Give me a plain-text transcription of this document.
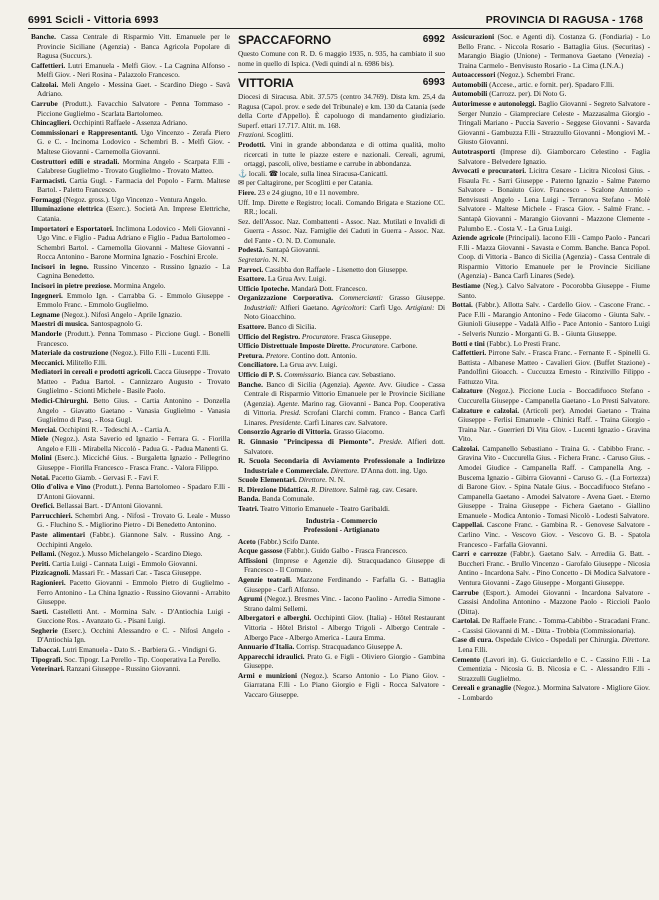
6991 Scicli - Vittoria 6993	PROVINCIA DI RAGUSA - 1768

Banche. Cassa Centrale di Risparmio Vitt. Emanuele per le Provincie Siciliane (Agenzia) - Banca Agricola Popolare di Ragusa (Succurs.).

Caffettieri. Lutri Emanuela - Melfi Giov. - La Cagnina Alfonso - Melfi Giov. - Neri Rosina - Palazzolo Francesco.

Calzolai. Meli Angelo - Messina Gaet. - Scardino Diego - Savà Adriano.

Carrube (Produtt.). Favacchio Salvatore - Penna Tommaso - Piccione Guglielmo - Scarlata Bartolomeo.

Chincaglieri. Occhipinti Raffaele - Assenza Adriano.

Commissionari e Rappresentanti. Ugo Vincenzo - Zerafa Piero G. e C. - Incinoma Lodovico - Schembri B. - Melfi Giov. - Maltese Giovanni - Carnemolla Giovanni.

Costruttori edili e stradali. Mormina Angelo - Scarpata F.lli - Calabrese Guglielmo - Trovato Guglielmo - Trovato Matteo.

Farmacisti. Cartia Gugl. - Farmacia del Popolo - Farm. Maltese Bartol. - Paletto Francesco.

Formaggi (Negoz. gross.). Ugo Vincenzo - Ventura Angelo.

Illuminazione elettrica (Eserc.). Società An. Imprese Elettriche, Catania.

Importatori e Esportatori. Inclimona Lodovico - Meli Giovanni - Ugo Vinc. e Figlio - Padua Adriano e Figlio - Padua Bartolomeo - Schembri Bartol. - Carnemolla Giovanni - Maltese Giovanni - Rocca Antonino - Barone Mormina Ignazio - Foschini Ercole.

Incisori in legno. Russino Vincenzo - Russino Ignazio - La Cagnina Benedetto.

Incisori in pietre preziose. Mormina Angelo.

Ingegneri. Emmolo Ign. - Carrabba G. - Emmolo Giuseppe - Emmolo Franc. - Emmolo Guglielmo.

Legname (Negoz.). Nifosì Angelo - Aprile Ignazio.

Maestri di musica. Santospagnolo G.

Mandorle (Produtt.). Penna Tommaso - Piccione Gugl. - Bonelli Francesco.

Materiale da costruzione (Negoz.). Fillo F.lli - Lucenti F.lli.

Meccanici. Militello F.lli.

Mediatori in cereali e prodotti agricoli. Cacca Giuseppe - Trovato Matteo - Padua Bartol. - Cannizzaro Augusto - Trovato Guglielmo - Scionti Michele - Basile Paolo.

Medici-Chirurghi. Betto Gius. - Cartia Antonino - Donzella Angelo - Giavatto Gaetano - Vanasia Guglielmo - Vanasia Guglielmo di Pasq. - Rosa Gugl.

Merciai. Occhipinti R. - Tedeschi A. - Cartia A.

Miele (Negoz.). Asta Saverio ed Ignazio - Ferrara G. - Fiorilla Angelo e F.lli - Mirabella Niccolò - Padua G. - Padua Manenti G.

Molini (Eserc.). Micciché Gius. - Burgaletta Ignazio - Pellegrino Giuseppe - Fiorilla Francesco - Frasca Franc. - Valora Filippo.

Notai. Pacetto Giamb. - Gervasi F. - Favi F.

Olio d'oliva e Vino (Produtt.). Penna Bartolomeo - Spadaro F.lli - D'Antoni Giovanni.

Orefici. Bellassai Bart. - D'Antoni Giovanni.

Parrucchieri. Schembri Ang. - Nifosì - Trovato G. Leale - Musso G. - Fluchino S. - Migliorino Pietro - Di Benedetto Antonino.

Paste alimentari (Fabbr.). Giannone Salv. - Russino Ang. - Occhipinti Angelo.

Pellami. (Negoz.). Musso Michelangelo - Scardino Diego.

Periti. Cartia Luigi - Cannata Luigi - Emmolo Giovanni.

Pizzicagnoli. Massari Fr. - Massari Car. - Tasca Giuseppe.

Ragionieri. Pacetto Giovanni - Emmolo Pietro di Guglielmo - Ferro Antonino - La China Ignazio - Russino Giovanni - Arrabito Giuseppe.

Sarti. Castelletti Ant. - Mormina Salv. - D'Antiochia Luigi - Guccione Ros. - Avanzato G. - Pisani Luigi.

Segherie (Eserc.). Occhini Alessandro e C. - Nifosì Angelo - D'Antiochia Ign.

Tabaccai. Lutri Emanuela - Dato S. - Barbiera G. - Vindigni G.

Tipografi. Soc. Tipogr. La Perello - Tip. Cooperativa La Perello.

Veterinari. Ranzani Giuseppe - Russino Giovanni.

SPACCAFORNO	6992

Questo Comune con R. D. 6 maggio 1935, n. 935, ha cambiato il suo nome in quello di Ispica. (Vedi quindi al n. 6986 bis).

VITTORIA	6993

Diocesi di Siracusa. Abit. 37.575 (centro 34.769). Dista km. 25,4 da Ragusa (Capol. prov. e sede del Tribunale) e km. 130 da Catania (sede della Corte d'Appello). È capoluogo di mandamento giudiziario. Superf. ettari 17.717. Altit. m. 168.

Frazioni. Scoglitti.

Prodotti. Vini in grande abbondanza e di ottima qualità, molto ricercati in tutte le piazze estere e nazionali. Cereali, agrumi, ortaggi, pascoli, olive, bestiame e carrube in abbondanza.

⚓ locali. ☎ locale, sulla linea Siracusa-Canicattì.

✉ per Caltagirone, per Scoglitti e per Catania.

Fiere. 23 e 24 giugno, 10 e 11 novembre.

Uff. Imp. Dirette e Registro; locali. Comando Brigata e Stazione CC. RR.; locali.

Sez. dell'Assoc. Naz. Combattenti - Assoc. Naz. Mutilati e Invalidi di Guerra - Assoc. Naz. Famiglie dei Caduti in Guerra - Assoc. Naz. del Fante - O. N. D. Comunale.

Podestà. Santapà Giovanni.

Segretario. N. N.

Parroci. Cassibba don Raffaele - Lisenetto don Giuseppe.

Esattore. La Grua Avv. Luigi.

Ufficio Ipoteche. Mandarà Dott. Francesco.

Organizzazione Corporativa. Commercianti: Grasso Giuseppe. Industriali: Alfieri Gaetano. Agricoltori: Carfì Ugo. Artigiani: Di Noto Gioacchino.

Esattore. Banco di Sicilia.

Ufficio del Registro. Procuratore. Frasca Giuseppe.

Ufficio Distrettuale Imposte Dirette. Procuratore. Carbone.

Pretura. Pretore. Contino dott. Antonio.

Conciliatore. La Grua avv. Luigi.

Ufficio di P. S. Commissario. Bianca cav. Sebastiano.

Banche. Banco di Sicilia (Agenzia). Agente. Avv. Giudice - Cassa Centrale di Risparmio Vittorio Emanuele per le Provincie Siciliane (Agenzia). Agente. Marino rag. Giovanni - Banca Pop. Cooperativa di Vittoria. Presid. Scrofani Clarchi comm. Franco - Banca Carfì Linares. Presidente. Carfì Linares cav. Salvatore.

Consorzio Agrario di Vittoria. Grasso Giacomo.

R. Ginnasio "Principessa di Piemonte". Preside. Alfieri dott. Salvatore.

R. Scuola Secondaria di Avviamento Professionale a Indirizzo Industriale e Commerciale. Direttore. D'Anna dott. ing. Ugo.

Scuole Elementari. Direttore. N. N.

R. Direzione Didattica. R. Direttore. Salmè rag. cav. Cesare.

Banda. Banda Comunale.

Teatri. Teatro Vittorio Emanuele - Teatro Garibaldi.

Industria - Commercio
Professioni - Artigianato

Aceto (Fabbr.) Scifo Dante.

Acque gassose (Fabbr.). Guido Galbo - Frasca Francesco.

Affissioni (Imprese e Agenzie di). Stracquadanco Giuseppe di Francesco - Il Comune.

Agenzie teatrali. Mazzone Ferdinando - Farfalla G. - Battaglia Giuseppe - Carfì Alfonso.

Agrumi (Negoz.). Bresmes Vinc. - Iacono Paolino - Arredia Simone - Strano dalmi Sellemi.

Albergatori e alberghi. Occhipinti Giov. (Italia) - Hôtel Restaurant Vittoria - Hôtel Bristol - Albergo Trigoli - Albergo Centrale - Albergo Pace - Albergo America - Laura Emma.

Annuario d'Italia. Corrisp. Stracquadanco Giuseppe A.

Apparecchi idraulici. Prato G. e Figli - Oliviero Giorgio - Gambina Giuseppe.

Armi e munizioni (Negoz.). Scarso Antonio - Lo Piano Giov. - Giarratana F.lli - Lo Piano Giorgio e Figli - Rocca Salvatore - Vaccaro Giuseppe.

Assicurazioni (Soc. e Agenti di). Costanza G. (Fondiaria) - Lo Bello Franc. - Niccola Rosario - Battaglia Gius. (Securitas) - Marangio Biagio (Unione) - Termanova Gaetano (Venezia) - Traina Carmelo - Benvisusto Rosario - La Cima (I.N.A.)

Autoaccessori (Negoz.). Schembri Franc.

Automobili (Accese., artic. e fornit. per). Spadaro F.lli.

Automobili (Carrozz. per). Di Noto G.

Autorimesse e autonoleggi. Baglio Giovanni - Segreto Salvatore - Serger Nunzio - Giampreciare Celeste - Mazzasalma Giorgio - Tringali Mariano - Puccia Saverio - Seggese Giovanni - Savarda Giovanni - Gambuzza F.lli - Strazzullo Giovanni - Mongiovì M. - Giusto Giovanni.

Autotrasporti (Imprese di). Giamborcaro Celestino - Faglia Salvatore - Belvedere Ignazio.

Avvocati e procuratori. Licitra Cesare - Licitra Nicolosi Gius. - Fisaula Fr. - Sarri Giuseppe - Paterno Ignazio - Salme Paterno Salvatore - Bonaiuto Giov. Francesco - Scalone Antonio - Benvisusti Angelo - Lena Luigi - Terranova Stefano - Molè Salvatore - Maltese Michele - Frasca Giov. - Salmè Franc. - Santapà Giovanni - Marangio Giovanni - Mazzone Clemente - Palumbo E. - Costa V. - La Grua Luigi.

Aziende agricole (Principali). Iacono F.lli - Campo Paolo - Pancari F.lli - Mazza Giovanni - Savasta e Comm. Banche. Banca Popol. Coop. di Vittoria - Banco di Sicilia (Agenzia) - Cassa Centrale di Risparmio Vittorio Emanuele per le Provincie Siciliane (Agenzia) - Banca Carfì Linares (Sede).

Bestiame (Neg.). Calvo Salvatore - Pocorobba Giuseppe - Fiume Santo.

Bottai. (Fabbr.). Allotta Salv. - Cardello Giov. - Cascone Franc. - Pace F.lli - Marangio Antonino - Fede Giacomo - Giunta Salv. - Giunioli Giuseppe - Vadalà Alfio - Pace Antonio - Santoro Luigi - Selveris Nunzio - Morganti G. B. - Giunta Giuseppe.

Botti e tini (Fabbr.). Lo Presti Franc.

Caffettieri. Pirrone Salv. - Frasca Franc. - Fernante F. - Spinelli G. Battista - Albanese Matteo - Cavalieri Giov. (Buffet Stazione) - Pandolfini Gioacch. - Cuccuzza Ernesto - Rinzivillo Filippo - Fattuzzo Vita.

Calzature (Negoz.). Piccione Lucia - Boccadifuoco Stefano - Cuccurella Giuseppe - Campanella Gaetano - Lo Presti Salvatore.

Calzature e calzolai. (Articoli per). Amodei Gaetano - Traina Giuseppe - Ferlisi Emanuele - Chinici Raff. - Traina Giorgio - Traina Nar. - Guerrieri Di Vita Giov. - Lucenti Ignazio - Gravina Vito.

Calzolai. Campanello Sebastiano - Traina G. - Cabibbo Franc. - Gravina Vito - Cuccurella Gius. - Fichera Franc. - Caruso Gius. - Amodei Giudice - Campanella Raff. - Campanella Ang. - Buscema Ignazio - Gibirra Giovanni - Caruso G. - (La Fortezza) di Barone Giov. - Spina Natale Gius. - Boccadifuoco Stefano - Campanella Gaetano - Amodei Salvatore - Avena Gaet. - Eterno Giuseppe - Traina Giuseppe - Fichera Gaetano - Giallino Emanuele - Modica Antonio - Tomasi Nicolò - Lodesti Salvatore.

Cappellai. Cascone Franc. - Gambina R. - Genovese Salvatore - Carlino Vinc. - Vescovo Giov. - Vescovo G. B. - Spatola Francesco - Farfalla Giovanni.

Carri e carrozze (Fabbr.). Gaetano Salv. - Arrediia G. Batt. - Buccheri Franc. - Brullo Vincenzo - Garofalo Giuseppe - Nicosia Antino - Incardona Salv. - Pino Concetto - Di Modica Salvatore - Ventura Giovanni - Zago Giuseppe - Morganti Giuseppe.

Carrube (Esport.). Amodei Giovanni - Incardona Salvatore - Cassisi Andolina Antonino - Mazzone Paolo - Riccioli Paolo (Ditta).

Cartolai. De Raffaele Franc. - Tomma-Cabibbo - Stracadani Franc. - Cassisi Giovanni di M. - Ditta - Trobbia (Commissionaria).

Case di cura. Ospedale Civico - Ospedali per Chirurgia. Direttore. Lena F.lli.

Cemento (Lavori in). G. Guicciardello e C. - Cassino F.lli - La Cementizia - Nicosia G. B. Nicosia e C. - Alessandro F.lli - Strazzulli Guglielmo.

Cereali e granaglie (Negoz.). Mormina Salvatore - Migliore Giov. - Lombardo
